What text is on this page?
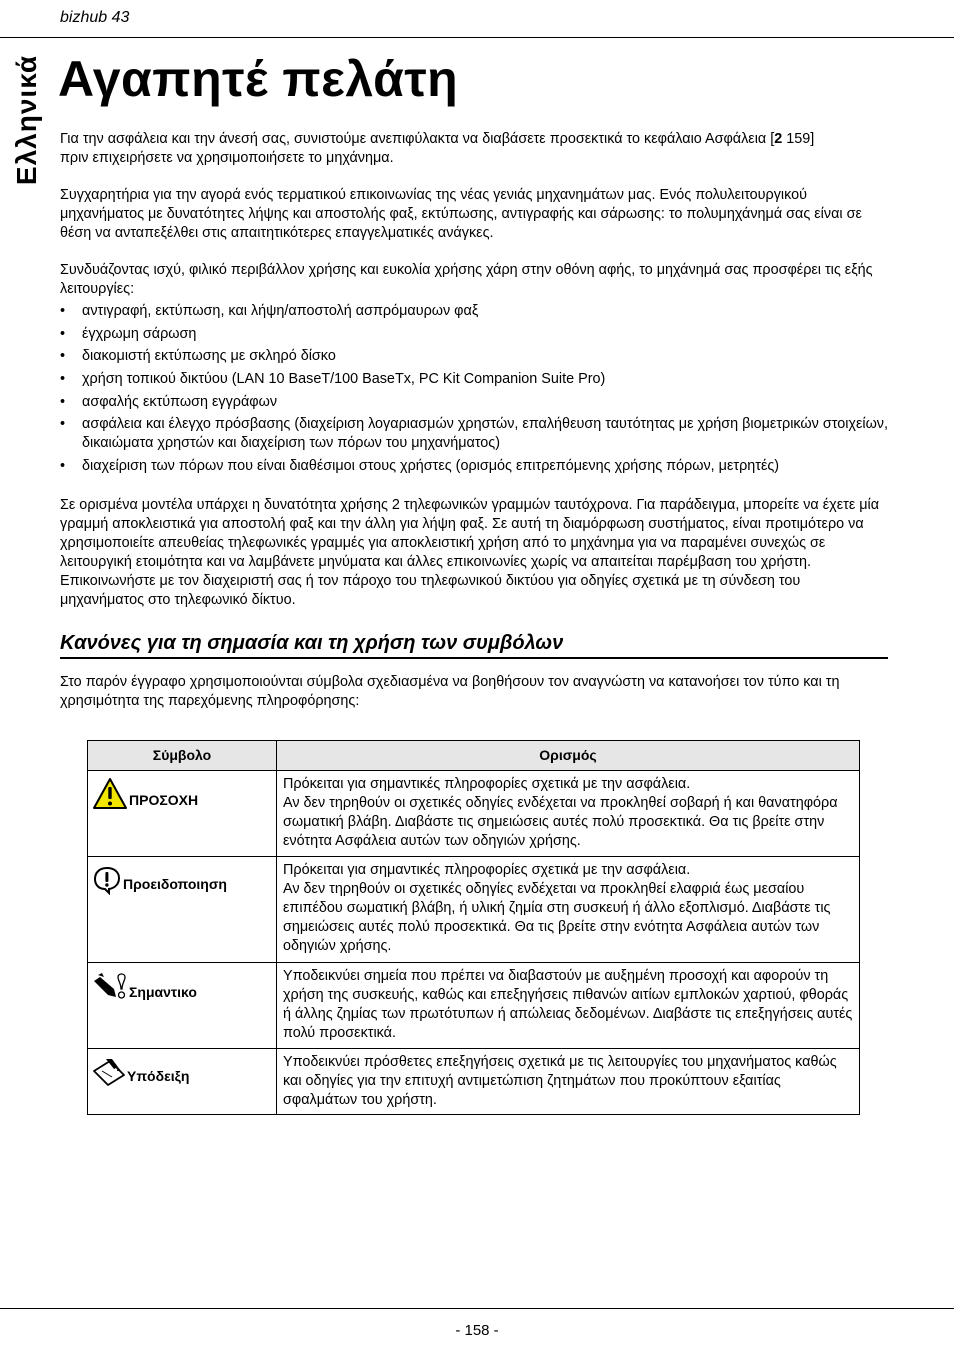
bizhub 43
Ελληνικά Αγαπητέ πελάτη

Για την ασφάλεια και την άνεσή σας, συνιστούμε ανεπιφύλακτα να διαβάσετε προσεκτικά το κεφάλαιο Ασφάλεια [2 159]
πριν επιχειρήσετε να χρησιμοποιήσετε το μηχάνημα.

Συγχαρητήρια για την αγορά ενός τερματικού επικοινωνίας της νέας γενιάς μηχανημάτων μας. Ενός πολυλειτουργικού μηχανήματος με δυνατότητες λήψης και αποστολής φαξ, εκτύπωσης, αντιγραφής και σάρωσης: το πολυμηχάνημά σας είναι σε θέση να ανταπεξέλθει στις απαιτητικότερες επαγγελματικές ανάγκες.

Συνδυάζοντας ισχύ, φιλικό περιβάλλον χρήσης και ευκολία χρήσης χάρη στην οθόνη αφής, το μηχάνημά σας προσφέρει τις εξής λειτουργίες:

• αντιγραφή, εκτύπωση, και λήψη/αποστολή ασπρόμαυρων φαξ
• έγχρωμη σάρωση
• διακομιστή εκτύπωσης με σκληρό δίσκο
• χρήση τοπικού δικτύου (LAN 10 BaseT/100 BaseTx, PC Kit Companion Suite Pro)
• ασφαλής εκτύπωση εγγράφων
• ασφάλεια και έλεγχο πρόσβασης (διαχείριση λογαριασμών χρηστών, επαλήθευση ταυτότητας με χρήση βιομετρικών στοιχείων, δικαιώματα χρηστών και διαχείριση των πόρων του μηχανήματος)
• διαχείριση των πόρων που είναι διαθέσιμοι στους χρήστες (ορισμός επιτρεπόμενης χρήσης πόρων, μετρητές)

Σε ορισμένα μοντέλα υπάρχει η δυνατότητα χρήσης 2 τηλεφωνικών γραμμών ταυτόχρονα. Για παράδειγμα, μπορείτε να έχετε μία γραμμή αποκλειστικά για αποστολή φαξ και την άλλη για λήψη φαξ. Σε αυτή τη διαμόρφωση συστήματος, είναι προτιμότερο να χρησιμοποιείτε απευθείας τηλεφωνικές γραμμές για αποκλειστική χρήση από το μηχάνημα για να παραμένει συνεχώς σε λειτουργική ετοιμότητα και να λαμβάνετε μηνύματα και άλλες επικοινωνίες χωρίς να απαιτείται παρέμβαση του χρήστη. Επικοινωνήστε με τον διαχειριστή σας ή τον πάροχο του τηλεφωνικού δικτύου για οδηγίες σχετικά με τη σύνδεση του μηχανήματος στο τηλεφωνικό δίκτυο.

Κανόνες για τη σημασία και τη χρήση των συμβόλων

Στο παρόν έγγραφο χρησιμοποιούνται σύμβολα σχεδιασμένα να βοηθήσουν τον αναγνώστη να κατανοήσει τον τύπο και τη χρησιμότητα της παρεχόμενης πληροφόρησης:

Σύμβολο	Ορισμός

ΠΡΟΣΟΧΗ	Πρόκειται για σημαντικές πληροφορίες σχετικά με την ασφάλεια.
Αν δεν τηρηθούν οι σχετικές οδηγίες ενδέχεται να προκληθεί σοβαρή ή και θανατηφόρα σωματική βλάβη. Διαβάστε τις σημειώσεις αυτές πολύ προσεκτικά. Θα τις βρείτε στην ενότητα Ασφάλεια αυτών των οδηγιών χρήσης.

Προειδοποιηση	Πρόκειται για σημαντικές πληροφορίες σχετικά με την ασφάλεια.
Αν δεν τηρηθούν οι σχετικές οδηγίες ενδέχεται να προκληθεί ελαφριά έως μεσαίου επιπέδου σωματική βλάβη, ή υλική ζημία στη συσκευή ή άλλο εξοπλισμό. Διαβάστε τις σημειώσεις αυτές πολύ προσεκτικά. Θα τις βρείτε στην ενότητα Ασφάλεια αυτών των οδηγιών χρήσης.

Σημαντικο	Υποδεικνύει σημεία που πρέπει να διαβαστούν με αυξημένη προσοχή και αφορούν τη χρήση της συσκευής, καθώς και επεξηγήσεις πιθανών αιτίων εμπλοκών χαρτιού, φθοράς ή άλλης ζημίας των πρωτότυπων ή απώλειας δεδομένων. Διαβάστε τις επεξηγήσεις αυτές πολύ προσεκτικά.

Υπόδειξη	Υποδεικνύει πρόσθετες επεξηγήσεις σχετικά με τις λειτουργίες του μηχανήματος καθώς και οδηγίες για την επιτυχή αντιμετώπιση ζητημάτων που προκύπτουν εξαιτίας σφαλμάτων του χρήστη.
- 158 -
